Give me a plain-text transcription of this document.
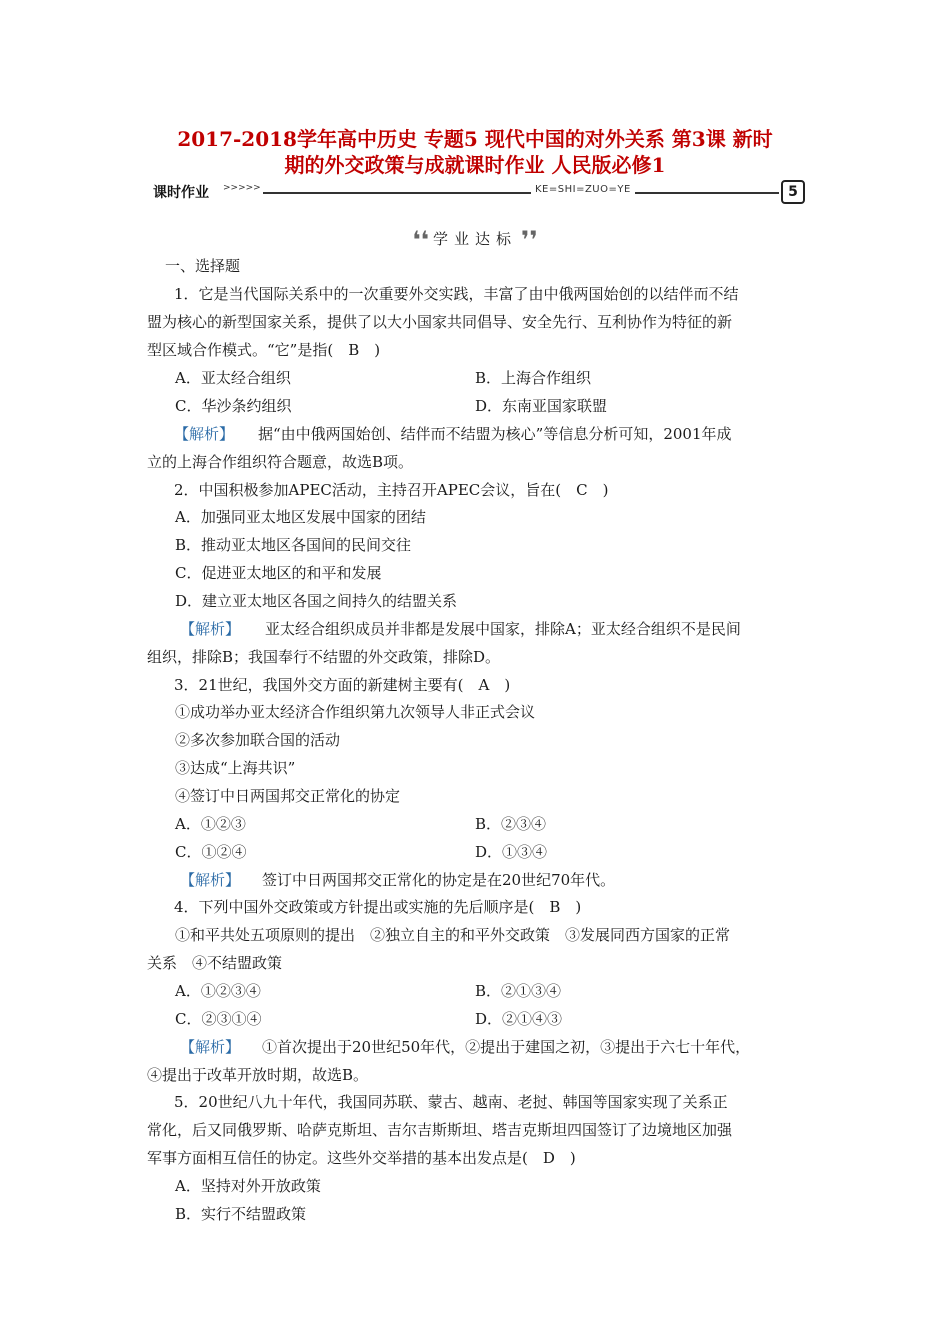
2017-2018学年高中历史 专题5 现代中国的对外关系 第3课 新时
期的外交政策与成就课时作业 人民版必修1
课时作业 >>>>>	KE=SHI=ZUO=YE	5
❛❛ 学业达标 ❜❜
一、选择题
1．它是当代国际关系中的一次重要外交实践，丰富了由中俄两国始创的以结伴而不结
盟为核心的新型国家关系，提供了以大小国家共同倡导、安全先行、互利协作为特征的新
型区域合作模式。“它”是指(　B　)
A．亚太经合组织	B．上海合作组织
C．华沙条约组织	D．东南亚国家联盟
【解析】 据“由中俄两国始创、结伴而不结盟为核心”等信息分析可知，2001年成
立的上海合作组织符合题意，故选B项。
2．中国积极参加APEC活动，主持召开APEC会议，旨在(　C　)
A．加强同亚太地区发展中国家的团结
B．推动亚太地区各国间的民间交往
C．促进亚太地区的和平和发展
D．建立亚太地区各国之间持久的结盟关系
【解析】 亚太经合组织成员并非都是发展中国家，排除A；亚太经合组织不是民间
组织，排除B；我国奉行不结盟的外交政策，排除D。
3．21世纪，我国外交方面的新建树主要有(　A　)
①成功举办亚太经济合作组织第九次领导人非正式会议
②多次参加联合国的活动
③达成“上海共识”
④签订中日两国邦交正常化的协定
A．①②③	B．②③④
C．①②④	D．①③④
【解析】 签订中日两国邦交正常化的协定是在20世纪70年代。
4．下列中国外交政策或方针提出或实施的先后顺序是(　B　)
①和平共处五项原则的提出　②独立自主的和平外交政策　③发展同西方国家的正常
关系　④不结盟政策
A．①②③④	B．②①③④
C．②③①④	D．②①④③
【解析】 ①首次提出于20世纪50年代，②提出于建国之初，③提出于六七十年代，
④提出于改革开放时期，故选B。
5．20世纪八九十年代，我国同苏联、蒙古、越南、老挝、韩国等国家实现了关系正
常化，后又同俄罗斯、哈萨克斯坦、吉尔吉斯斯坦、塔吉克斯坦四国签订了边境地区加强
军事方面相互信任的协定。这些外交举措的基本出发点是(　D　)
A．坚持对外开放政策
B．实行不结盟政策
